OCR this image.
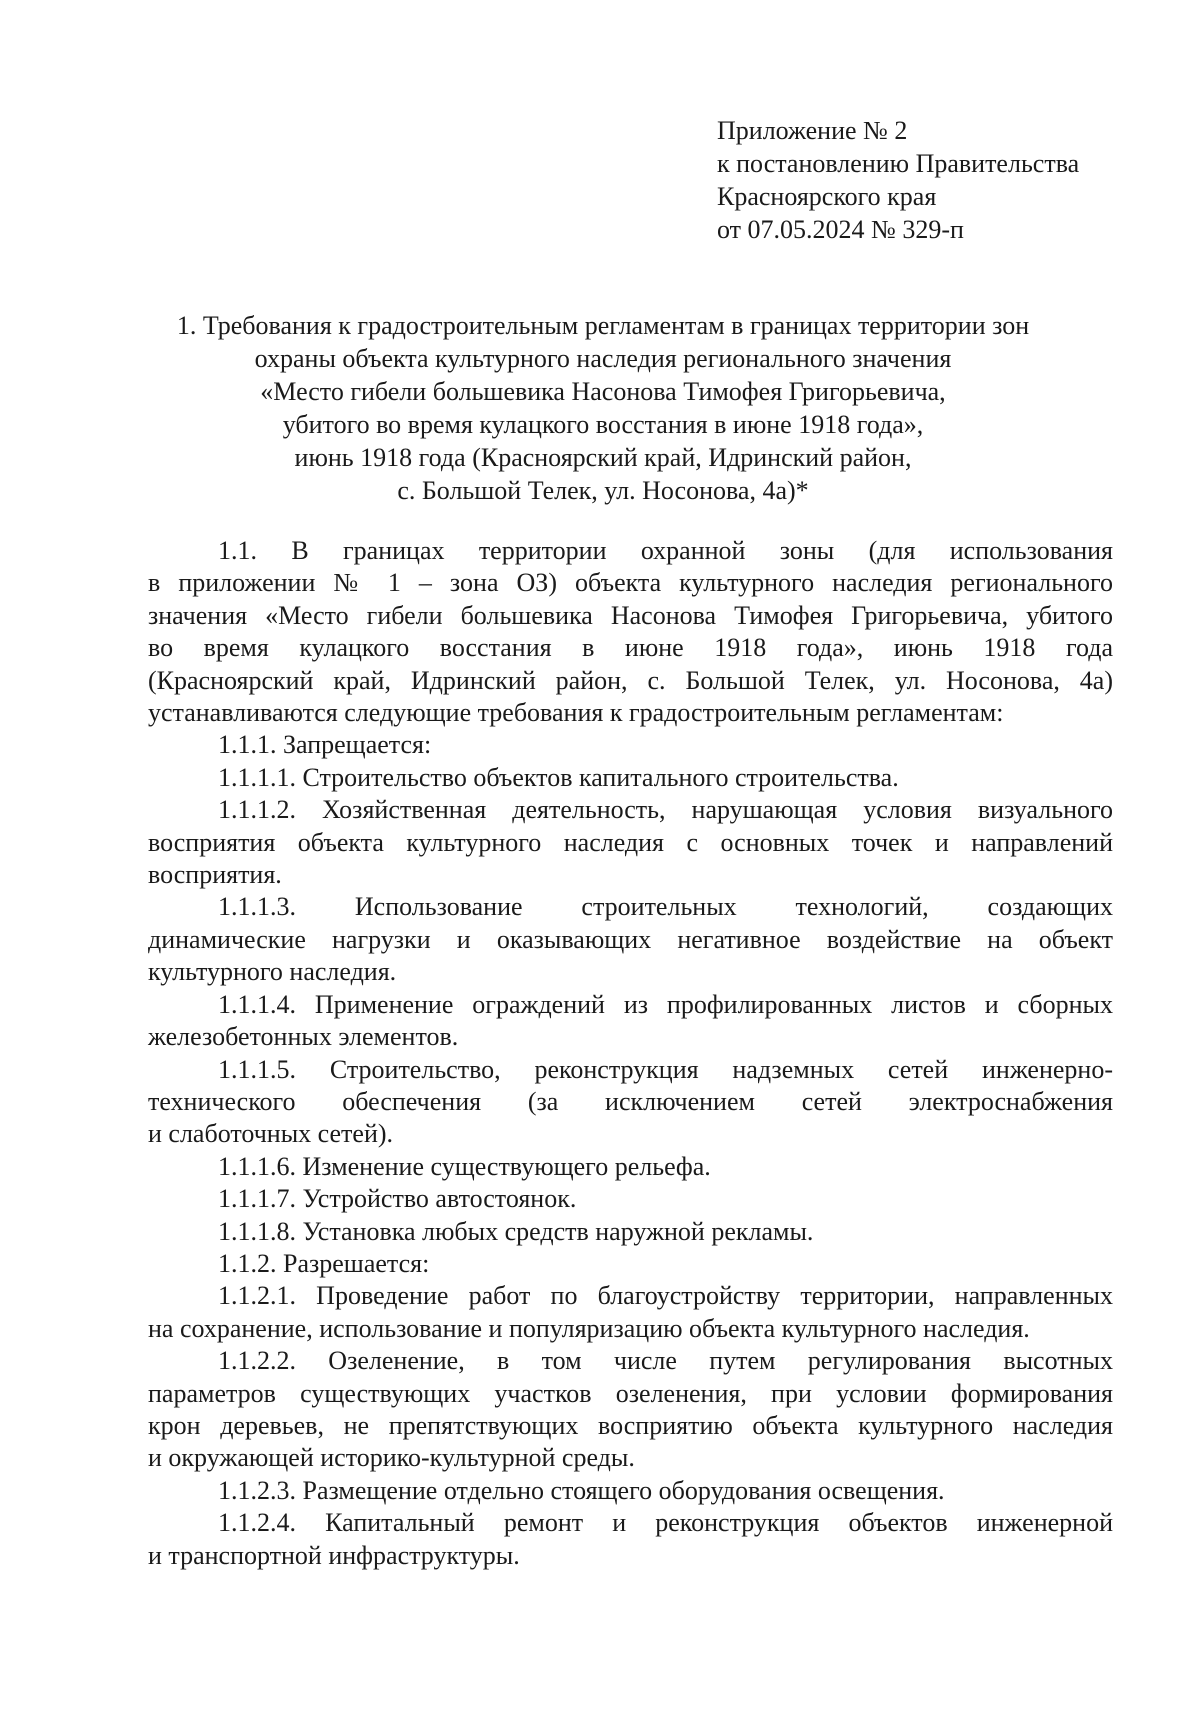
Приложение № 2
к постановлению Правительства
Красноярского края
от 07.05.2024 № 329-п
1. Требования к градостроительным регламентам в границах территории зон
охраны объекта культурного наследия регионального значения
«Место гибели большевика Насонова Тимофея Григорьевича,
убитого во время кулацкого восстания в июне 1918 года»,
июнь 1918 года (Красноярский край, Идринский район,
с. Большой Телек, ул. Носонова, 4а)*
1.1. В границах территории охранной зоны (для использования
в приложении № 1 – зона ОЗ) объекта культурного наследия регионального
значения «Место гибели большевика Насонова Тимофея Григорьевича, убитого
во время кулацкого восстания в июне 1918 года», июнь 1918 года
(Красноярский край, Идринский район, с. Большой Телек, ул. Носонова, 4а)
устанавливаются следующие требования к градостроительным регламентам:
1.1.1. Запрещается:
1.1.1.1. Строительство объектов капитального строительства.
1.1.1.2. Хозяйственная деятельность, нарушающая условия визуального
восприятия объекта культурного наследия с основных точек и направлений
восприятия.
1.1.1.3. Использование строительных технологий, создающих
динамические нагрузки и оказывающих негативное воздействие на объект
культурного наследия.
1.1.1.4. Применение ограждений из профилированных листов и сборных
железобетонных элементов.
1.1.1.5. Строительство, реконструкция надземных сетей инженерно-
технического обеспечения (за исключением сетей электроснабжения
и слаботочных сетей).
1.1.1.6. Изменение существующего рельефа.
1.1.1.7. Устройство автостоянок.
1.1.1.8. Установка любых средств наружной рекламы.
1.1.2. Разрешается:
1.1.2.1. Проведение работ по благоустройству территории, направленных
на сохранение, использование и популяризацию объекта культурного наследия.
1.1.2.2. Озеленение, в том числе путем регулирования высотных
параметров существующих участков озеленения, при условии формирования
крон деревьев, не препятствующих восприятию объекта культурного наследия
и окружающей историко-культурной среды.
1.1.2.3. Размещение отдельно стоящего оборудования освещения.
1.1.2.4. Капитальный ремонт и реконструкция объектов инженерной
и транспортной инфраструктуры.
